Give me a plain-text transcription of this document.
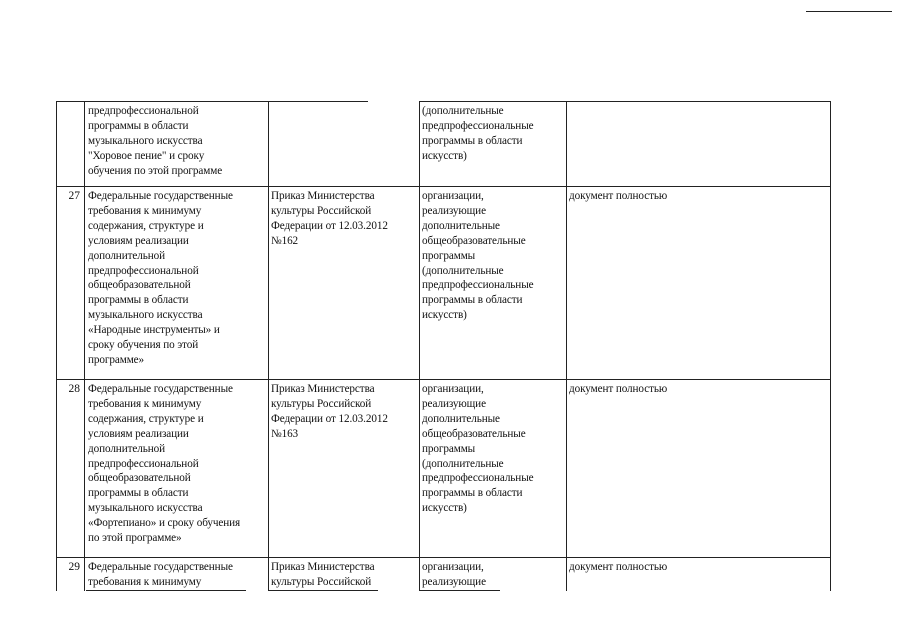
предпрофессиональной
программы в области
музыкального искусства
"Хоровое пение" и сроку
обучения по этой программе
(дополнительные
предпрофессиональные
программы в области
искусств)
27 Федеральные государственные
требования к минимуму
содержания, структуре и
условиям реализации
дополнительной
предпрофессиональной
общеобразовательной
программы в области
музыкального искусства
«Народные инструменты» и
сроку обучения по этой
программе»
Приказ Министерства
культуры Российской
Федерации от 12.03.2012
№162
организации,
реализующие
дополнительные
общеобразовательные
программы
(дополнительные
предпрофессиональные
программы в области
искусств)
документ полностью
28 Федеральные государственные
требования к минимуму
содержания, структуре и
условиям реализации
дополнительной
предпрофессиональной
общеобразовательной
программы в области
музыкального искусства
«Фортепиано» и сроку обучения
по этой программе»
Приказ Министерства
культуры Российской
Федерации от 12.03.2012
№163
организации,
реализующие
дополнительные
общеобразовательные
программы
(дополнительные
предпрофессиональные
программы в области
искусств)
документ полностью
29 Федеральные государственные
требования к минимуму
Приказ Министерства
культуры Российской
организации,
реализующие
документ полностью
